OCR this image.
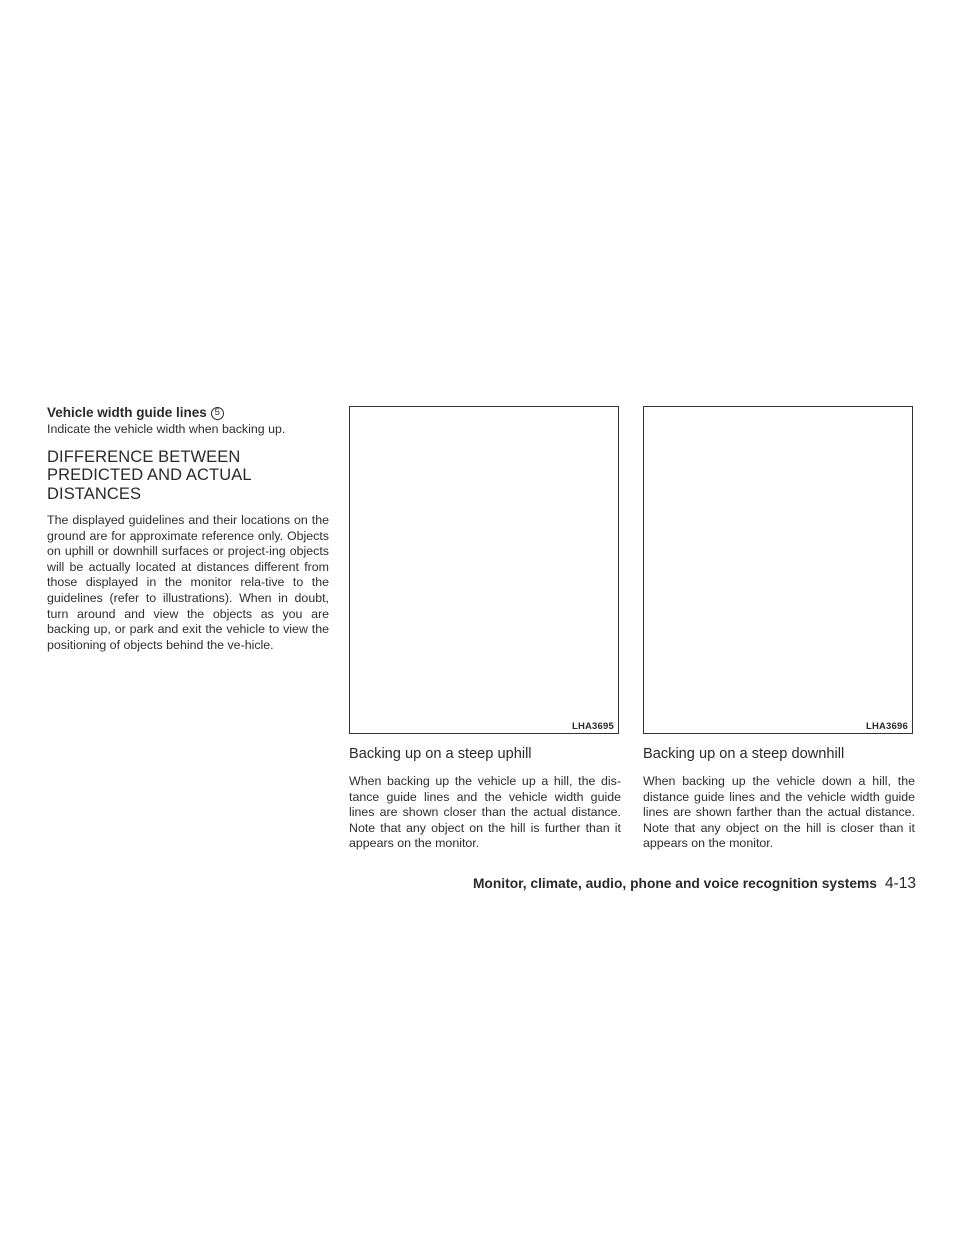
Vehicle width guide lines 5

Indicate the vehicle width when backing up.

DIFFERENCE BETWEEN
PREDICTED AND ACTUAL
DISTANCES

The displayed guidelines and their locations on the ground are for approximate reference only. Objects on uphill or downhill surfaces or project-ing objects will be actually located at distances different from those displayed in the monitor rela-tive to the guidelines (refer to illustrations). When in doubt, turn around and view the objects as you are backing up, or park and exit the vehicle to view the positioning of objects behind the ve-hicle.

LHA3695
Backing up on a steep uphill

When backing up the vehicle up a hill, the dis-tance guide lines and the vehicle width guide lines are shown closer than the actual distance. Note that any object on the hill is further than it appears on the monitor.

LHA3696
Backing up on a steep downhill

When backing up the vehicle down a hill, the distance guide lines and the vehicle width guide lines are shown farther than the actual distance. Note that any object on the hill is closer than it appears on the monitor.

Monitor, climate, audio, phone and voice recognition systems 4-13
